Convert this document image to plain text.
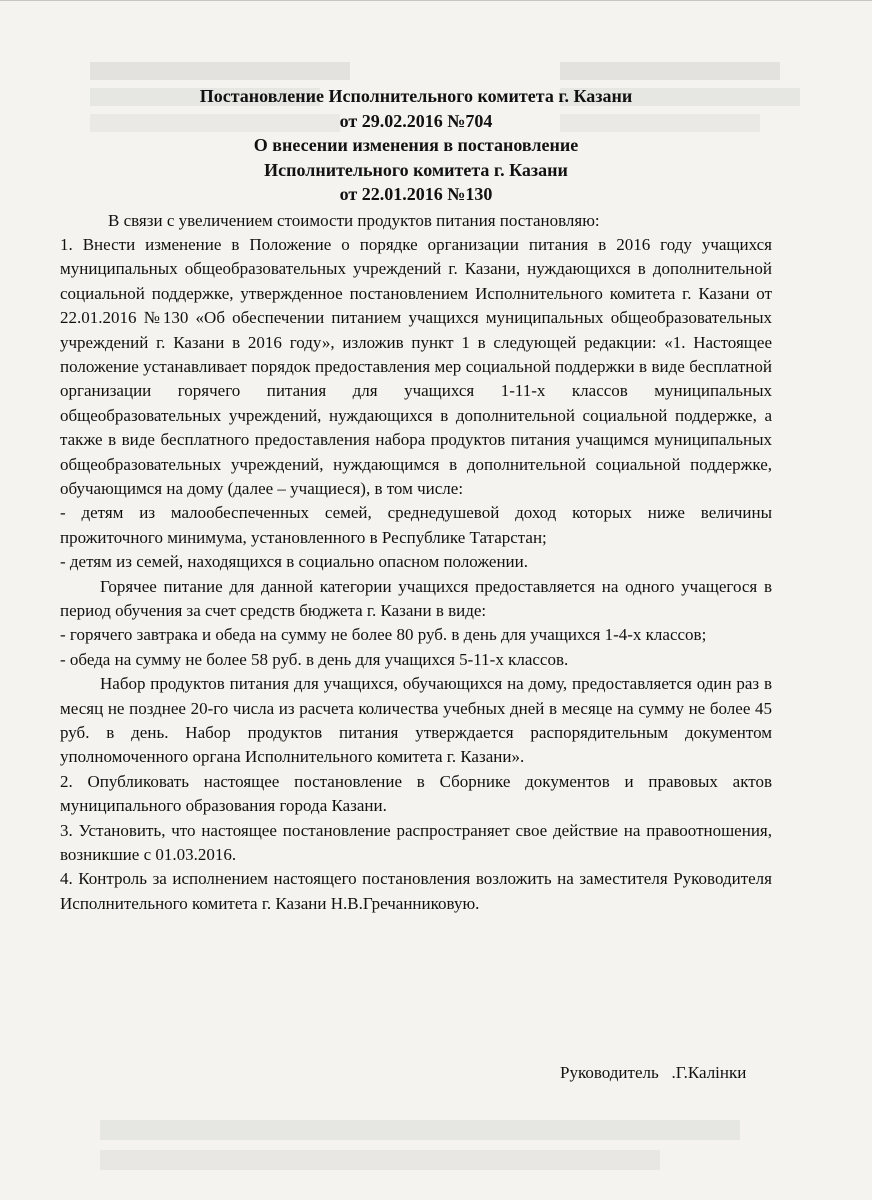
Постановление Исполнительного комитета г. Казани
от 29.02.2016 №704
О внесении изменения в постановление
Исполнительного комитета г. Казани
от 22.01.2016 №130

В связи с увеличением стоимости продуктов питания постановляю:

1. Внести изменение в Положение о порядке организации питания в 2016 году учащихся муниципальных общеобразовательных учреждений г. Казани, нуждающихся в дополнительной социальной поддержке, утвержденное постановлением Исполнительного комитета г. Казани от 22.01.2016 №130 «Об обеспечении питанием учащихся муниципальных общеобразовательных учреждений г. Казани в 2016 году», изложив пункт 1 в следующей редакции: «1. Настоящее положение устанавливает порядок предоставления мер социальной поддержки в виде бесплатной организации горячего питания для учащихся 1-11-х классов муниципальных общеобразовательных учреждений, нуждающихся в дополнительной социальной поддержке, а также в виде бесплатного предоставления набора продуктов питания учащимся муниципальных общеобразовательных учреждений, нуждающимся в дополнительной социальной поддержке, обучающимся на дому (далее – учащиеся), в том числе:

- детям из малообеспеченных семей, среднедушевой доход которых ниже величины прожиточного минимума, установленного в Республике Татарстан;

- детям из семей, находящихся в социально опасном положении.

Горячее питание для данной категории учащихся предоставляется на одного учащегося в период обучения за счет средств бюджета г. Казани в виде:

- горячего завтрака и обеда на сумму не более 80 руб. в день для учащихся 1-4-х классов;

- обеда на сумму не более 58 руб. в день для учащихся 5-11-х классов.

Набор продуктов питания для учащихся, обучающихся на дому, предоставляется один раз в месяц не позднее 20-го числа из расчета количества учебных дней в месяце на сумму не более 45 руб. в день. Набор продуктов питания утверждается распорядительным документом уполномоченного органа Исполнительного комитета г. Казани».

2. Опубликовать настоящее постановление в Сборнике документов и правовых актов муниципального образования города Казани.

3. Установить, что настоящее постановление распространяет свое действие на правоотношения, возникшие с 01.03.2016.

4. Контроль за исполнением настоящего постановления возложить на заместителя Руководителя Исполнительного комитета г. Казани Н.В.Гречанниковую.

Руководитель   .Г.Калiнки
